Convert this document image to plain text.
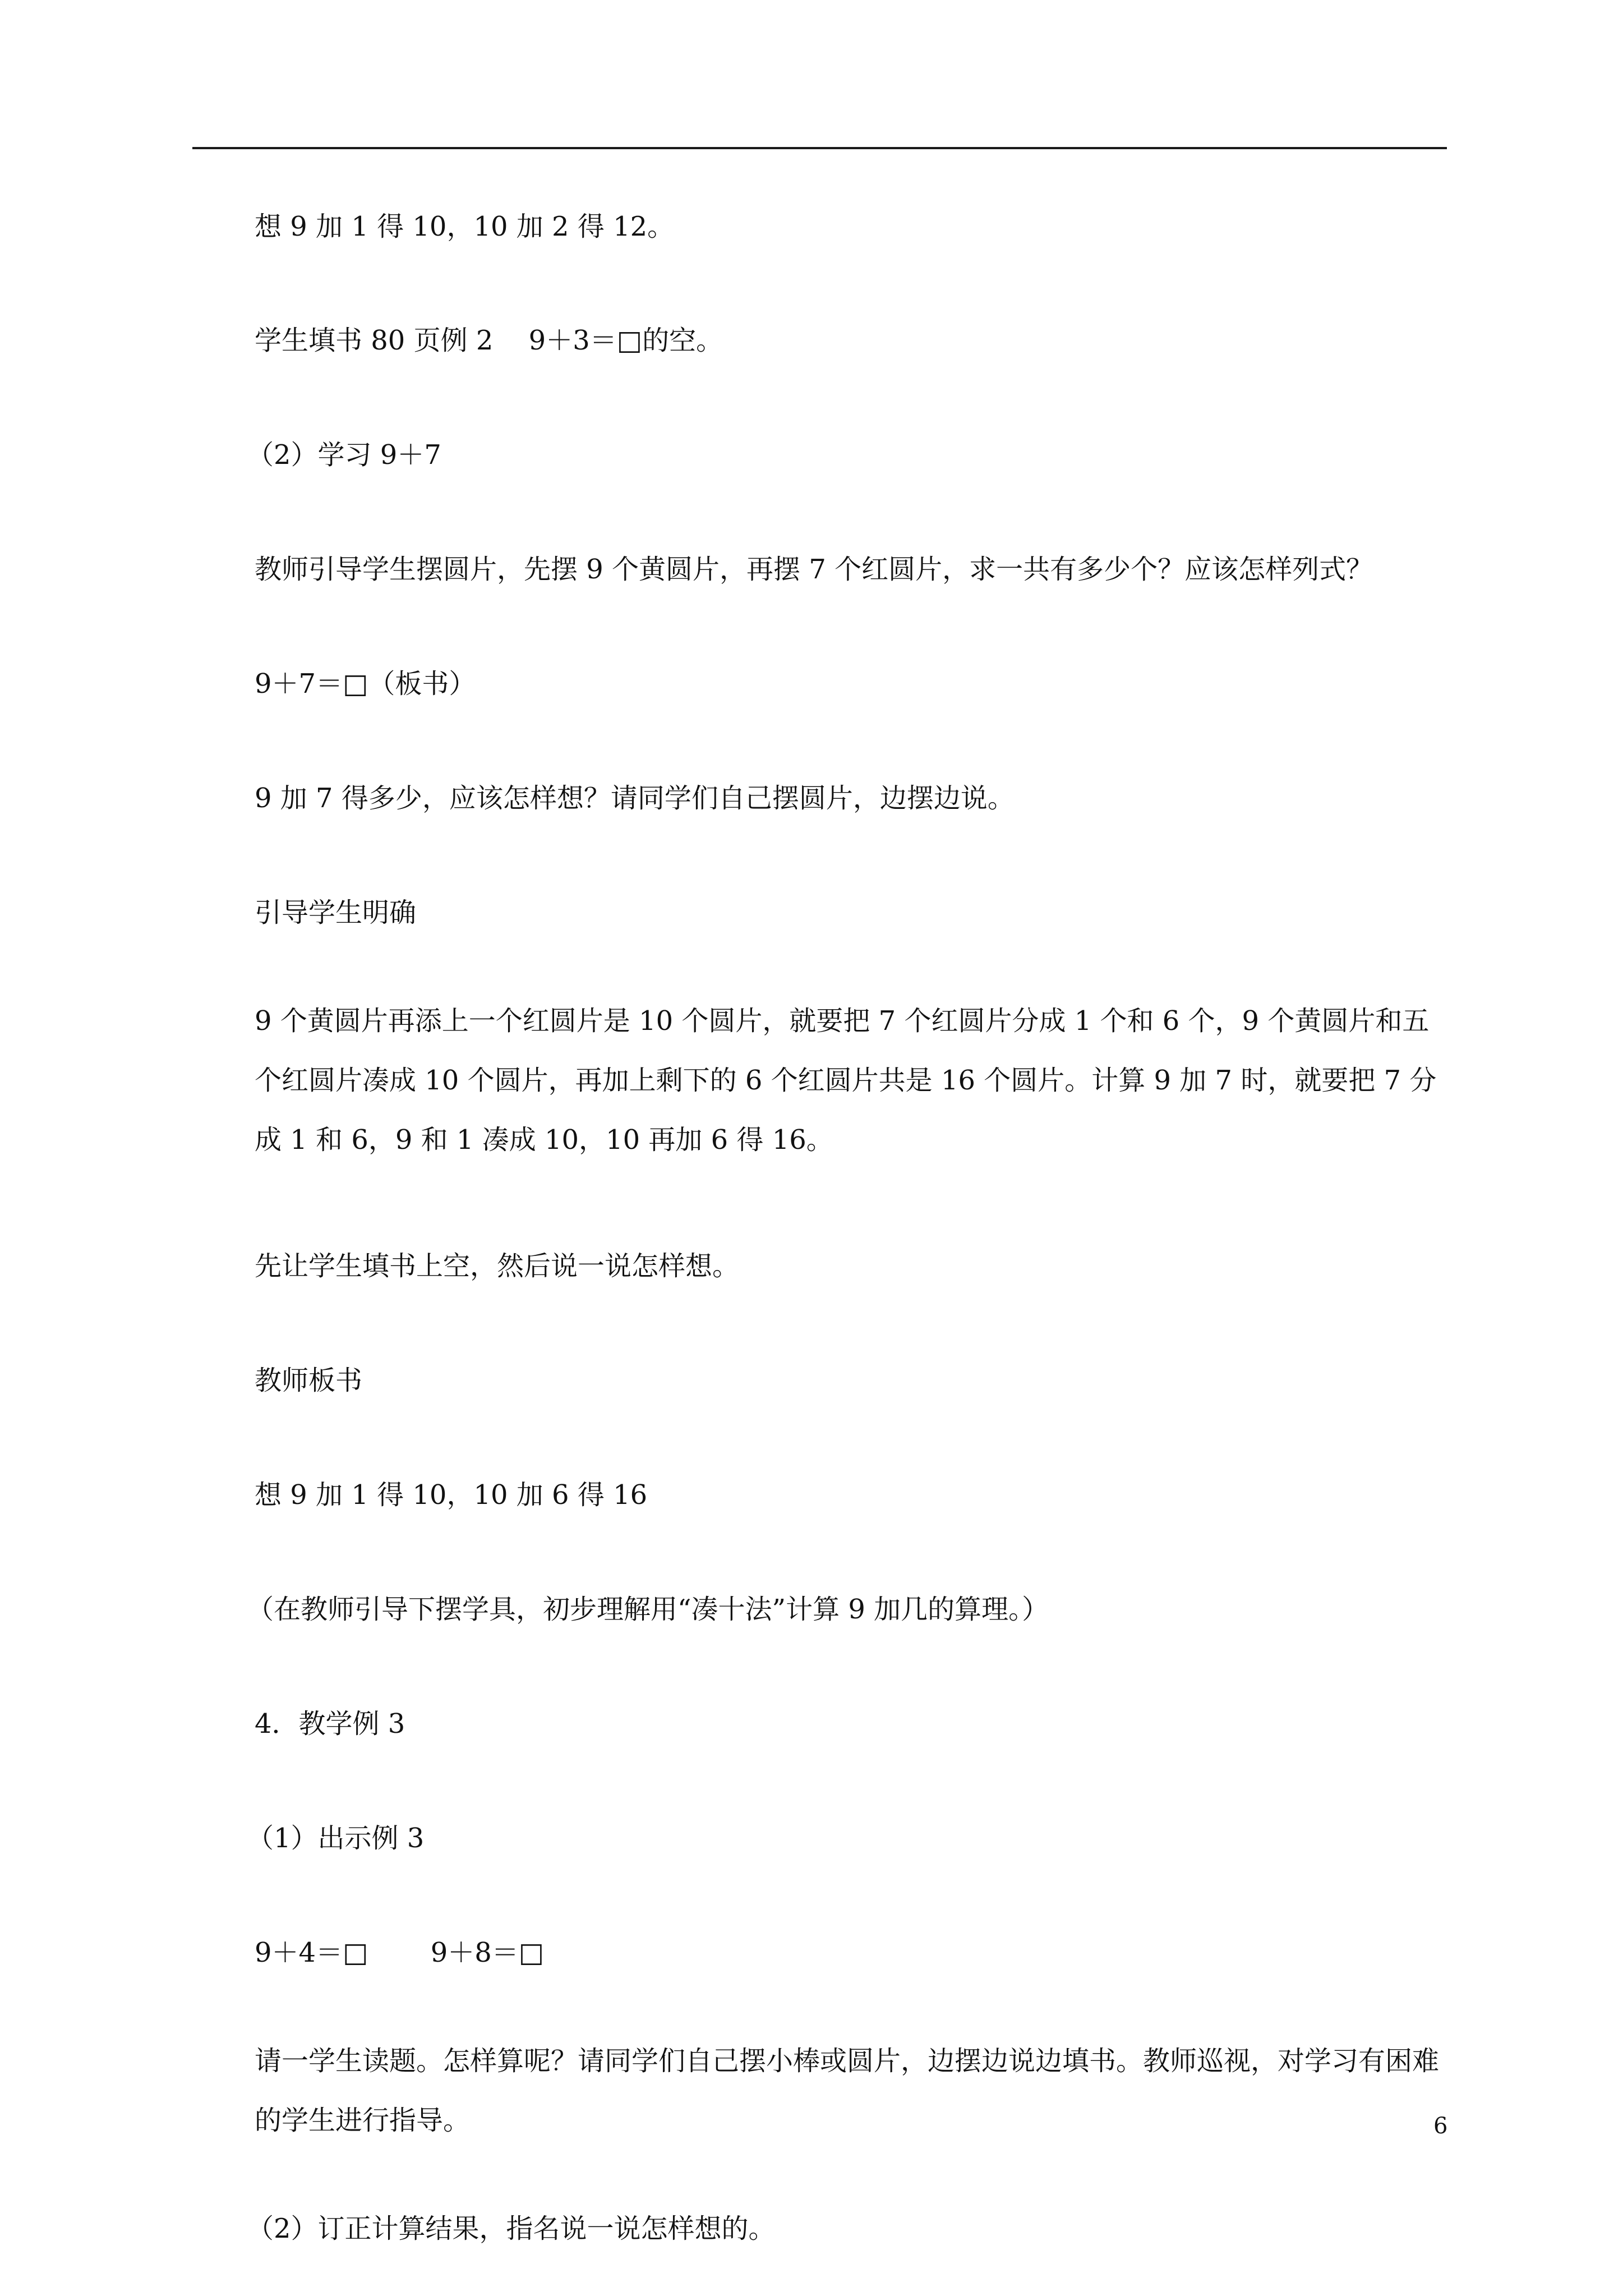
想 9 加 1 得 10，10 加 2 得 12。

学生填书 80 页例 2　 9＋3＝□的空。

（2）学习 9＋7

教师引导学生摆圆片，先摆 9 个黄圆片，再摆 7 个红圆片，求一共有多少个？应该怎样列式？

9＋7＝□（板书）

9 加 7 得多少，应该怎样想？请同学们自己摆圆片，边摆边说。

引导学生明确

9 个黄圆片再添上一个红圆片是 10 个圆片，就要把 7 个红圆片分成 1 个和 6 个，9 个黄圆片和五个红圆片凑成 10 个圆片，再加上剩下的 6 个红圆片共是 16 个圆片。计算 9 加 7 时，就要把 7 分成 1 和 6，9 和 1 凑成 10，10 再加 6 得 16。

先让学生填书上空，然后说一说怎样想。

教师板书

想 9 加 1 得 10，10 加 6 得 16

（在教师引导下摆学具，初步理解用“凑十法”计算 9 加几的算理。）

4．教学例 3

（1）出示例 3

9＋4＝□　　 9＋8＝□

请一学生读题。怎样算呢？请同学们自己摆小棒或圆片，边摆边说边填书。教师巡视，对学习有困难的学生进行指导。

（2）订正计算结果，指名说一说怎样想的。

6
